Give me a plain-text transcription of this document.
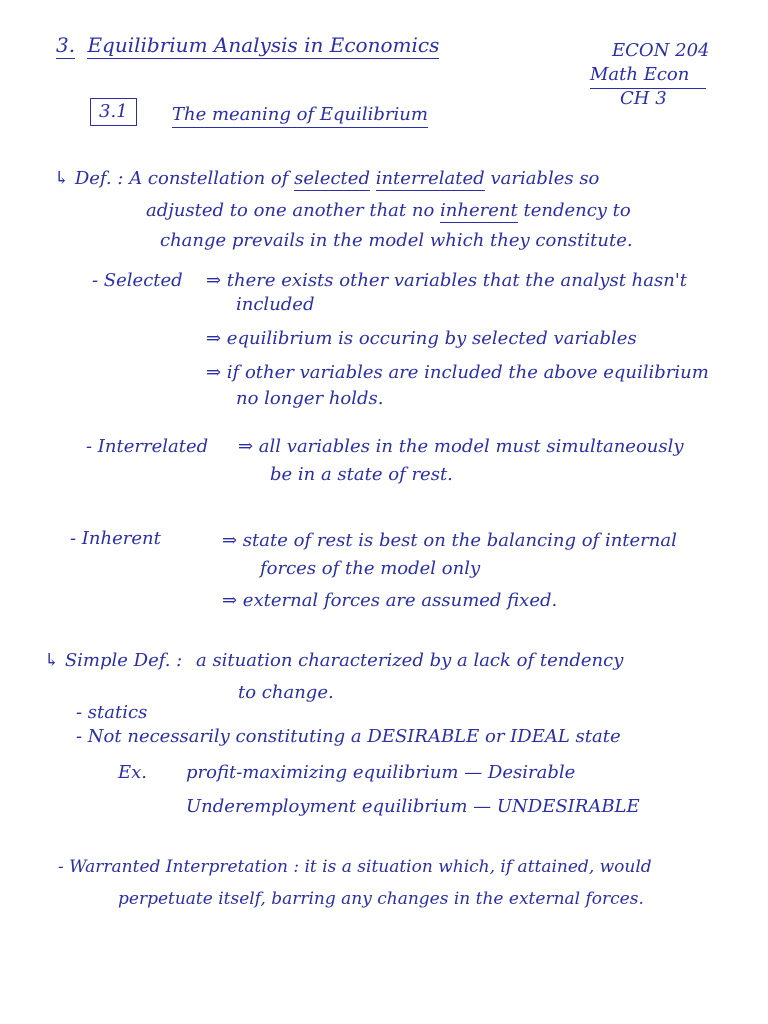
3. Equilibrium Analysis in Economics	ECON 204
Math Econ
CH 3
3.1	The meaning of Equilibrium
↳ Def. : A constellation of selected interrelated variables so
adjusted to one another that no inherent tendency to
change prevails in the model which they constitute.
- Selected ⇒ there exists other variables that the analyst hasn't
included
⇒ equilibrium is occuring by selected variables
⇒ if other variables are included the above equilibrium
no longer holds.
- Interrelated ⇒ all variables in the model must simultaneously
be in a state of rest.
- Inherent	⇒ state of rest is best on the balancing of internal
forces of the model only
⇒ external forces are assumed fixed.
↳ Simple Def. : a situation characterized by a lack of tendency
to change.
- statics
- Not necessarily constituting a DESIRABLE or IDEAL state
Ex. profit-maximizing equilibrium — Desirable
Underemployment equilibrium — UNDESIRABLE
- Warranted Interpretation : it is a situation which, if attained, would
perpetuate itself, barring any changes in the external forces.
